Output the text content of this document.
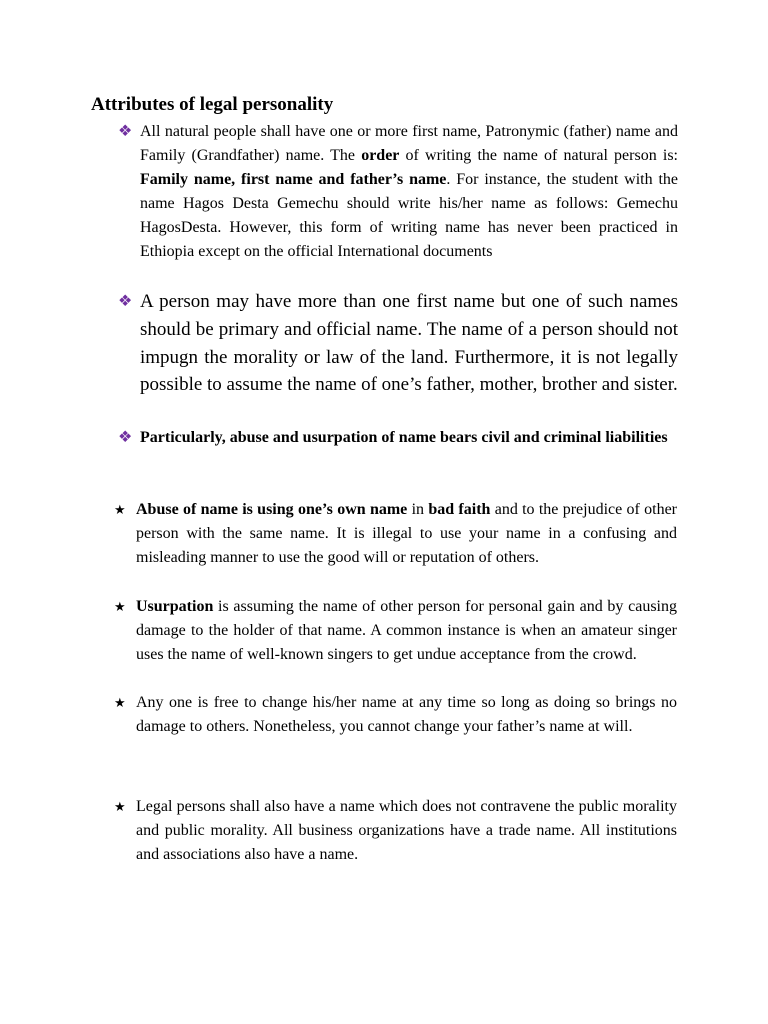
Attributes of legal personality

❖ All natural people shall have one or more first name, Patronymic (father) name and Family (Grandfather) name. The order of writing the name of natural person is: Family name, first name and father’s name. For instance, the student with the name Hagos Desta Gemechu should write his/her name as follows: Gemechu HagosDesta. However, this form of writing name has never been practiced in Ethiopia except on the official International documents

❖ A person may have more than one first name but one of such names should be primary and official name. The name of a person should not impugn the morality or law of the land. Furthermore, it is not legally possible to assume the name of one’s father, mother, brother and sister.

❖ Particularly, abuse and usurpation of name bears civil and criminal liabilities

★ Abuse of name is using one’s own name in bad faith and to the prejudice of other person with the same name. It is illegal to use your name in a confusing and misleading manner to use the good will or reputation of others.

★ Usurpation is assuming the name of other person for personal gain and by causing damage to the holder of that name. A common instance is when an amateur singer uses the name of well-known singers to get undue acceptance from the crowd.

★ Any one is free to change his/her name at any time so long as doing so brings no damage to others. Nonetheless, you cannot change your father’s name at will.

★ Legal persons shall also have a name which does not contravene the public morality and public morality. All business organizations have a trade name. All institutions and associations also have a name.
